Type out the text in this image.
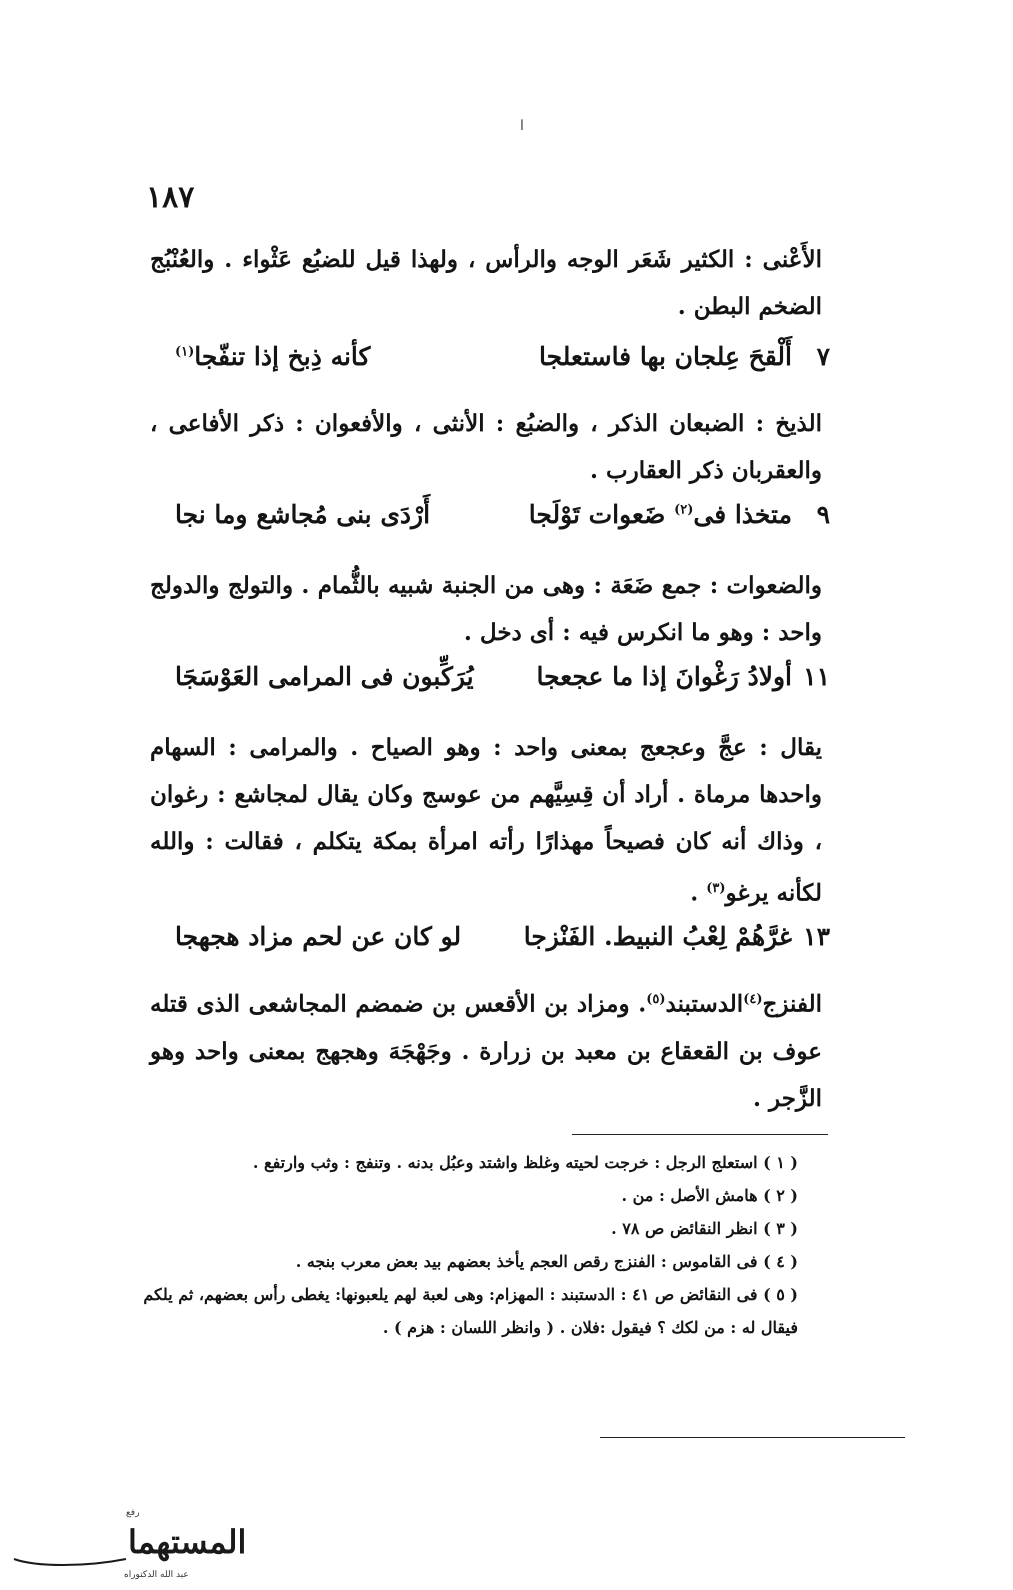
ا
١٨٧
الأَعْنى : الكثير شَعَر الوجه والرأس ، ولهذا قيل للضبُع عَثْواء . والعُنْبُج الضخم البطن .
٧
أَلْقحَ عِلجان بها فاستعلجا
كأنه ذِبخ إذا تنفّجا$^{(١)}$
الذيخ : الضبعان الذكر ، والضبُع : الأنثى ، والأفعوان : ذكر الأفاعى ، والعقربان ذكر العقارب .
٩
متخذا فى$^{(٢)}$ ضَعوات تَوْلَجا
أَرْدَى بنى مُجاشع وما نجا
والضعوات : جمع ضَعَة : وهى من الجنبة شبيه بالثُّمام . والتولج والدولج واحد : وهو ما انكرس فيه : أى دخل .
١١
أولادُ رَغْوانَ إذا ما عجعجا
يُرَكِّبون فى المرامى العَوْسَجَا
يقال : عجَّ وعجعج بمعنى واحد : وهو الصياح . والمرامى : السهام واحدها مرماة . أراد أن قِسِيَّهم من عوسج وكان يقال لمجاشع : رغوان ، وذاك أنه كان فصيحاً مهذارًا رأته امرأة بمكة يتكلم ، فقالت : والله لكأنه يرغو$^{(٣)}$ .
١٣
غرَّهُمْ لِعْبُ النبيط. الفَنْزجا
لو كان عن لحم مزاد هجهجا
الفنزج$^{(٤)}$الدستبند$^{(٥)}$. ومزاد بن الأقعس بن ضمضم المجاشعى الذى قتله عوف بن القعقاع بن معبد بن زرارة . وجَهْجَهَ وهجهج بمعنى واحد وهو الزَّجر .
( ١ ) استعلج الرجل : خرجت لحيته وغلظ واشتد وعبُل بدنه . وتنفج : وثب وارتفع .
( ٢ ) هامش الأصل : من .
( ٣ ) انظر النقائض ص ٧٨ .
( ٤ ) فى القاموس : الفنزج رقص العجم يأخذ بعضهم بيد بعض معرب بنجه .
( ٥ ) فى النقائض ص ٤١ : الدستبند : المهزام: وهى لعبة لهم يلعبونها: يغطى رأس بعضهم، ثم يلكم
فيقال له : من لكك ؟ فيقول :فلان . ( وانظر اللسان : هزم ) .
رفع
المستهما
عبد الله الدكتوراه
